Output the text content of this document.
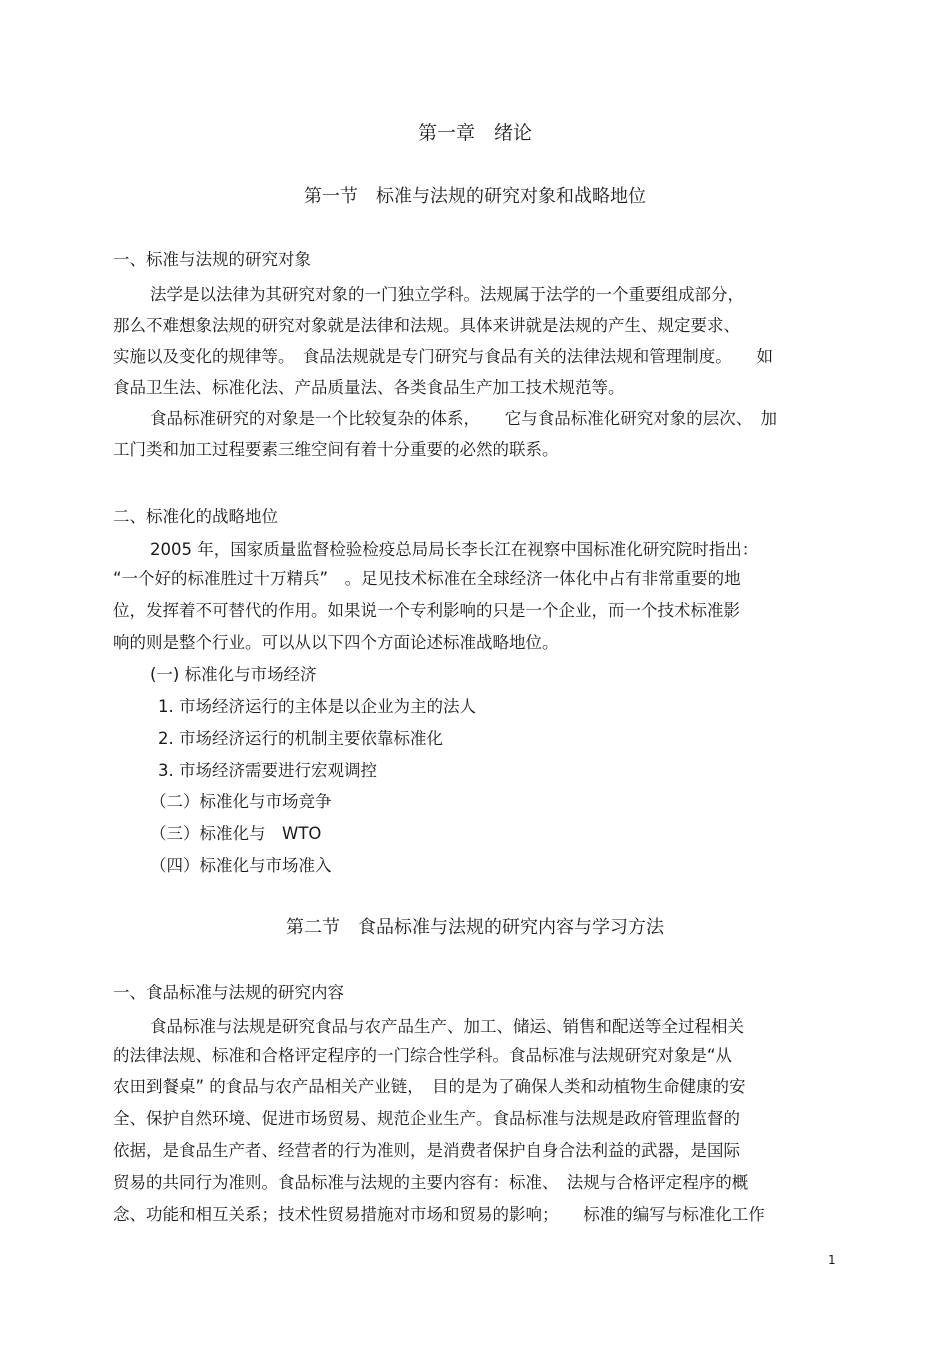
第一章　绪论
第一节　标准与法规的研究对象和战略地位
一、标准与法规的研究对象
法学是以法律为其研究对象的一门独立学科。法规属于法学的一个重要组成部分，
那么不难想象法规的研究对象就是法律和法规。具体来讲就是法规的产生、规定要求、
实施以及变化的规律等。　食品法规就是专门研究与食品有关的法律法规和管理制度。　　如
食品卫生法、标准化法、产品质量法、各类食品生产加工技术规范等。
食品标准研究的对象是一个比较复杂的体系，　　它与食品标准化研究对象的层次、　加
工门类和加工过程要素三维空间有着十分重要的必然的联系。
二、标准化的战略地位
2005 年，国家质量监督检验检疫总局局长李长江在视察中国标准化研究院时指出：
“一个好的标准胜过十万精兵”　。足见技术标准在全球经济一体化中占有非常重要的地
位，发挥着不可替代的作用。如果说一个专利影响的只是一个企业，而一个技术标准影
响的则是整个行业。可以从以下四个方面论述标准战略地位。
(一) 标准化与市场经济
1. 市场经济运行的主体是以企业为主的法人
2. 市场经济运行的机制主要依靠标准化
3. 市场经济需要进行宏观调控
（二）标准化与市场竞争
（三）标准化与　WTO
（四）标准化与市场准入
第二节　食品标准与法规的研究内容与学习方法
一、食品标准与法规的研究内容
食品标准与法规是研究食品与农产品生产、加工、储运、销售和配送等全过程相关
的法律法规、标准和合格评定程序的一门综合性学科。食品标准与法规研究对象是“从
农田到餐桌” 的食品与农产品相关产业链，　目的是为了确保人类和动植物生命健康的安
全、保护自然环境、促进市场贸易、规范企业生产。食品标准与法规是政府管理监督的
依据，是食品生产者、经营者的行为准则，是消费者保护自身合法利益的武器，是国际
贸易的共同行为准则。食品标准与法规的主要内容有：标准、　法规与合格评定程序的概
念、功能和相互关系；技术性贸易措施对市场和贸易的影响；　　标准的编写与标准化工作
1
